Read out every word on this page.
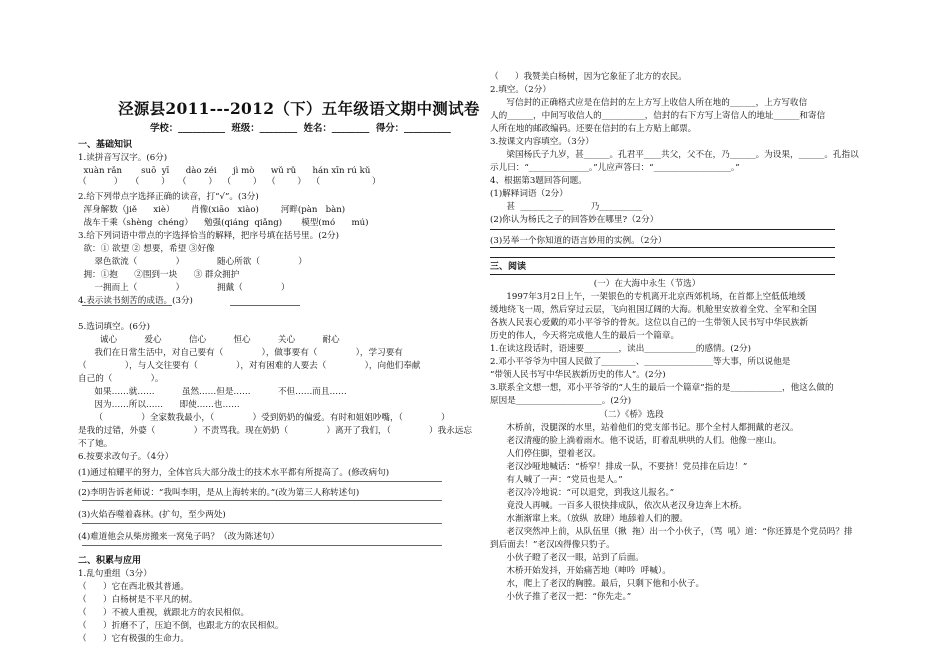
泾源县2011---2012（下）五年级语文期中测试卷
学校：__________  班级：________  姓名：________  得分：__________
一、基础知识
1.读拼音写汉字。(6分)
xuàn rǎn       suō  yī      dào zéi      jì mò      wǔ rǔ      hán xīn rú kǔ
（          ）   （        ）   （        ）  （        ）  （        ）  （                   ）
2.给下列带点字选择正确的读音，打“√”。(3分)
浑身解数（jiě      xiè）      肖像(xiāo   xiào)        河畔(pàn   bàn)
战车千乘（shèng  chéng）    勉强(qiáng  qiǎng)       模型(mó      mú)
3.给下列词语中带点的字选择恰当的解释，把序号填在括号里。(2分)
欲：① 欲望 ② 想要，希望 ③好像
翠色欲流（              ）            随心所欲（              ）
拥：①抱      ②围到一块      ③ 群众拥护
一拥而上（              ）            拥戴（              ）
4.表示读书刻苦的成语。(3分)
5.选词填空。(6分)
诚心          爱心          信心          恒心          关心          耐心
我们在日常生活中，对自己要有（              ），做事要有（              ），学习要有
（              ），与人交往要有（              ），对有困难的人要去（              ），向他们奉献
自己的（              ）。
如果……就……          虽然……但是……          不但……而且……
因为……所以……      即使……也……
（              ）全家数我最小，（              ）受到奶奶的偏爱。有时和姐姐吵嘴，（              ）
是我的过错，外婆（              ）不责骂我。现在奶奶（              ）离开了我们，（              ）我永远忘
不了她。
6.按要求改句子。（4分）
(1)通过柏耀平的努力，全体官兵大部分战士的技术水平都有所提高了。(修改病句)
(2)李明告诉老师说：“我叫李明，是从上海转来的。”(改为第三人称转述句)
(3)火焰吞噬着森林。(扩句，至少两处)
(4)难道他会从柴房搬来一窝兔子吗？（改为陈述句）
二、积累与应用
1.乱句重组（3分）
（      ）它在西北极其普通。
（      ）白杨树是不平凡的树。
（      ）不被人重视，就跟北方的农民相似。
（      ）折磨不了，压迫不倒，也跟北方的农民相似。
（      ）它有极强的生命力。
（      ）我赞美白杨树，因为它象征了北方的农民。
2.填空。（2分）
写信封的正确格式应是在信封的左上方写上收信人所在地的______，上方写收信
人的______，中间写收信人的__________，信封的右下方写上寄信人的地址______和寄信
人所在地的邮政编码。还要在信封的右上方贴上邮票。
3.按课文内容填空。（3分）
梁国杨氏子九岁，甚______。孔君平____共父，父不在，乃______。为设果，______。孔指以
示儿曰：“______________。”儿应声答曰：“__________________。”
4、根据第3题回答问题。
(1)解释词语（2分）
甚  __________          乃__________
(2)你认为杨氏之子的回答妙在哪里?（2分）
(3)另举一个你知道的语言妙用的实例。（2分）
三、阅读
(一）在大海中永生（节选）
1997年3月2日上午，一架银色的专机离开北京西郊机场，在首都上空低低地缓
缓地绕飞一周，然后穿过云层，飞向祖国辽阔的大海。机舱里安放着全党、全军和全国
各族人民衷心爱戴的邓小平爷爷的骨灰。这位以自己的一生带领人民书写中华民族新
历史的伟人，今天将完成他人生的最后一个篇章。
1.在读这段话时，语速要________，读出____________的感情。(2分)
2.邓小平爷爷为中国人民做了________、________________等大事，所以说他是
“带领人民书写中华民族新历史的伟人”。(2分)
3.联系全文想一想，邓小平爷爷的“人生的最后一个篇章”指的是____________，他这么做的
原因是____________________。(2分)
（二）《桥》选段
木桥前，没腿深的水里，站着他们的党支部书记。那个全村人都拥戴的老汉。
老汉清瘦的脸上淌着雨水。他不说话，盯着乱哄哄的人们。他像一座山。
人们停住脚，望着老汉。
老汉沙哑地喊话：“桥窄！排成一队，不要挤！党员排在后边！”
有人喊了一声：“党员也是人。”
老汉冷冷地说：“可以退党，到我这儿报名。”
竟没人再喊。一百多人很快排成队，依次从老汉身边奔上木桥。
水渐渐窜上来。（放纵  放肆）地舔着人们的腰。
老汉突然冲上前，从队伍里（揪  拖）出一个小伙子，（骂  吼）道：“你还算是个党员吗？排
到后面去！”老汉凶得像只豹子。
小伙子瞪了老汉一眼，站到了后面。
木桥开始发抖，开始痛苦地（呻吟  呼喊）。
水，爬上了老汉的胸膛。最后，只剩下他和小伙子。
小伙子推了老汉一把：“你先走。”
